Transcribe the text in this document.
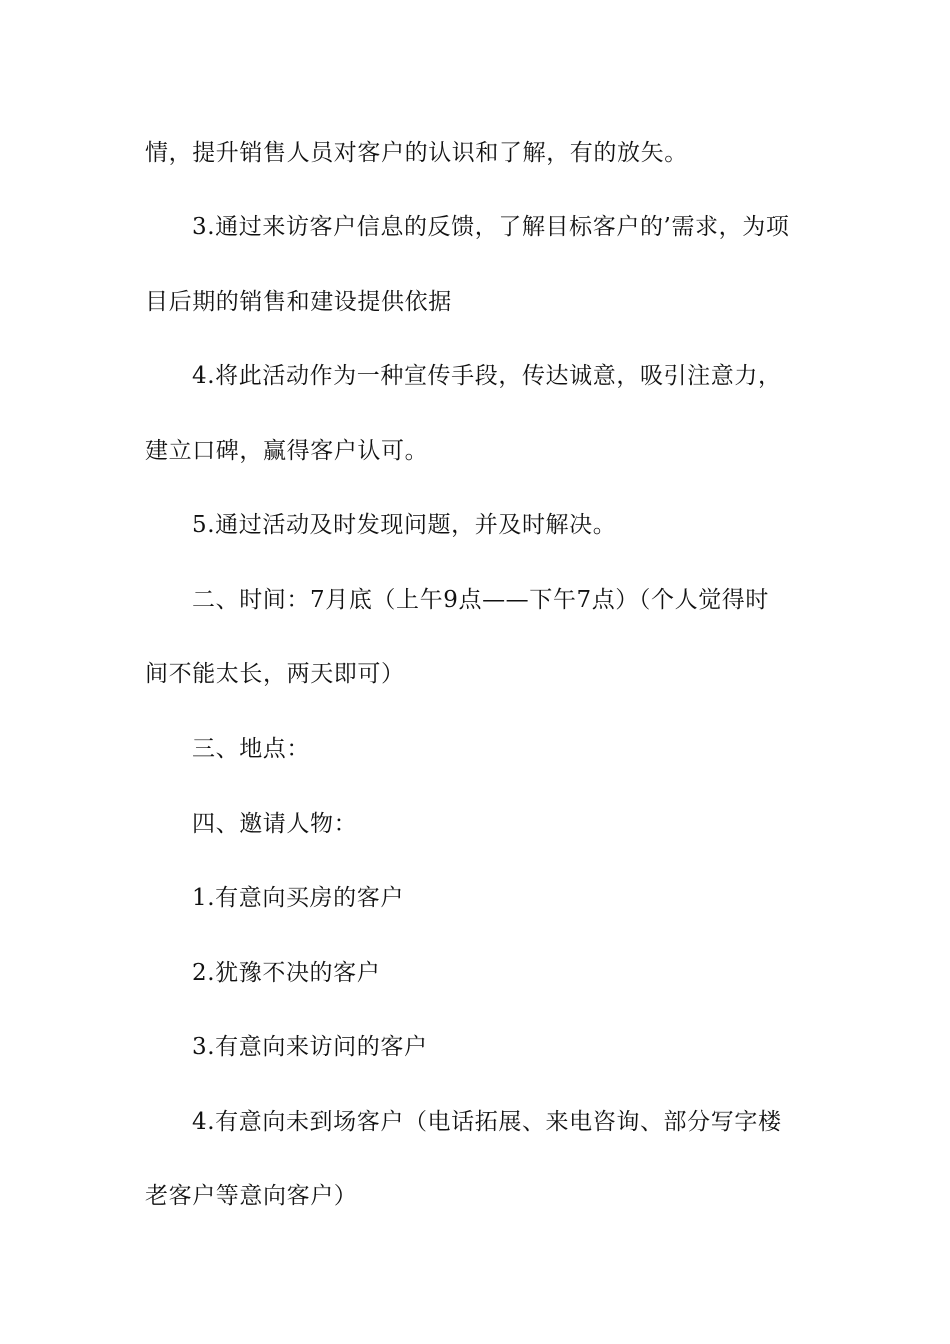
情，提升销售人员对客户的认识和了解，有的放矢。
3.通过来访客户信息的反馈，了解目标客户的’需求，为项
目后期的销售和建设提供依据
4.将此活动作为一种宣传手段，传达诚意，吸引注意力，
建立口碑，赢得客户认可。
5.通过活动及时发现问题，并及时解决。
二、时间：7月底（上午9点——下午7点）（个人觉得时
间不能太长，两天即可）
三、地点：
四、邀请人物：
1.有意向买房的客户
2.犹豫不决的客户
3.有意向来访问的客户
4.有意向未到场客户（电话拓展、来电咨询、部分写字楼
老客户等意向客户）
